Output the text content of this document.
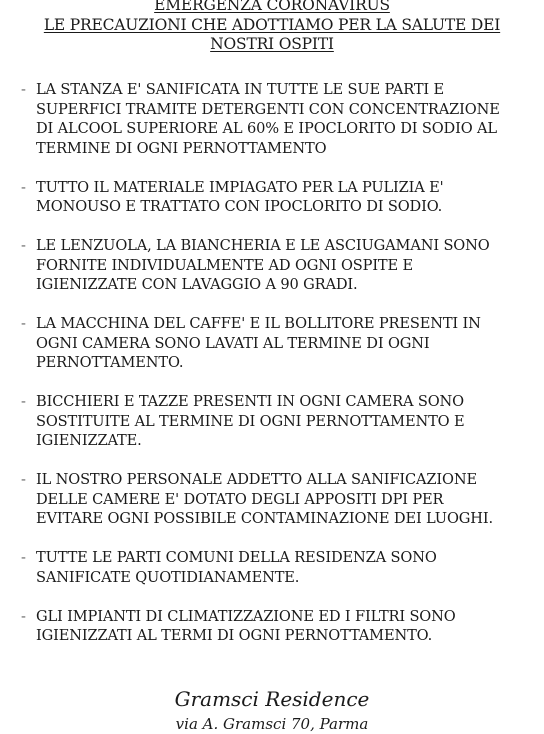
EMERGENZA CORONAVIRUS
LE PRECAUZIONI CHE ADOTTIAMO PER LA SALUTE DEI
NOSTRI OSPITI
- LA STANZA E' SANIFICATA IN TUTTE LE SUE PARTI E
SUPERFICI TRAMITE DETERGENTI CON CONCENTRAZIONE
DI ALCOOL SUPERIORE AL 60% E IPOCLORITO DI SODIO AL
TERMINE DI OGNI PERNOTTAMENTO
- TUTTO IL MATERIALE IMPIAGATO PER LA PULIZIA E'
MONOUSO E TRATTATO CON IPOCLORITO DI SODIO.
- LE LENZUOLA, LA BIANCHERIA E LE ASCIUGAMANI SONO
FORNITE INDIVIDUALMENTE AD OGNI OSPITE E
IGIENIZZATE CON LAVAGGIO A 90 GRADI.
- LA MACCHINA DEL CAFFE' E IL BOLLITORE PRESENTI IN
OGNI CAMERA SONO LAVATI AL TERMINE DI OGNI
PERNOTTAMENTO.
- BICCHIERI E TAZZE PRESENTI IN OGNI CAMERA SONO
SOSTITUITE AL TERMINE DI OGNI PERNOTTAMENTO E
IGIENIZZATE.
- IL NOSTRO PERSONALE ADDETTO ALLA SANIFICAZIONE
DELLE CAMERE E' DOTATO DEGLI APPOSITI DPI PER
EVITARE OGNI POSSIBILE CONTAMINAZIONE DEI LUOGHI.
- TUTTE LE PARTI COMUNI DELLA RESIDENZA SONO
SANIFICATE QUOTIDIANAMENTE.
- GLI IMPIANTI DI CLIMATIZZAZIONE ED I FILTRI SONO
IGIENIZZATI AL TERMI DI OGNI PERNOTTAMENTO.
Gramsci Residence
via A. Gramsci 70, Parma
